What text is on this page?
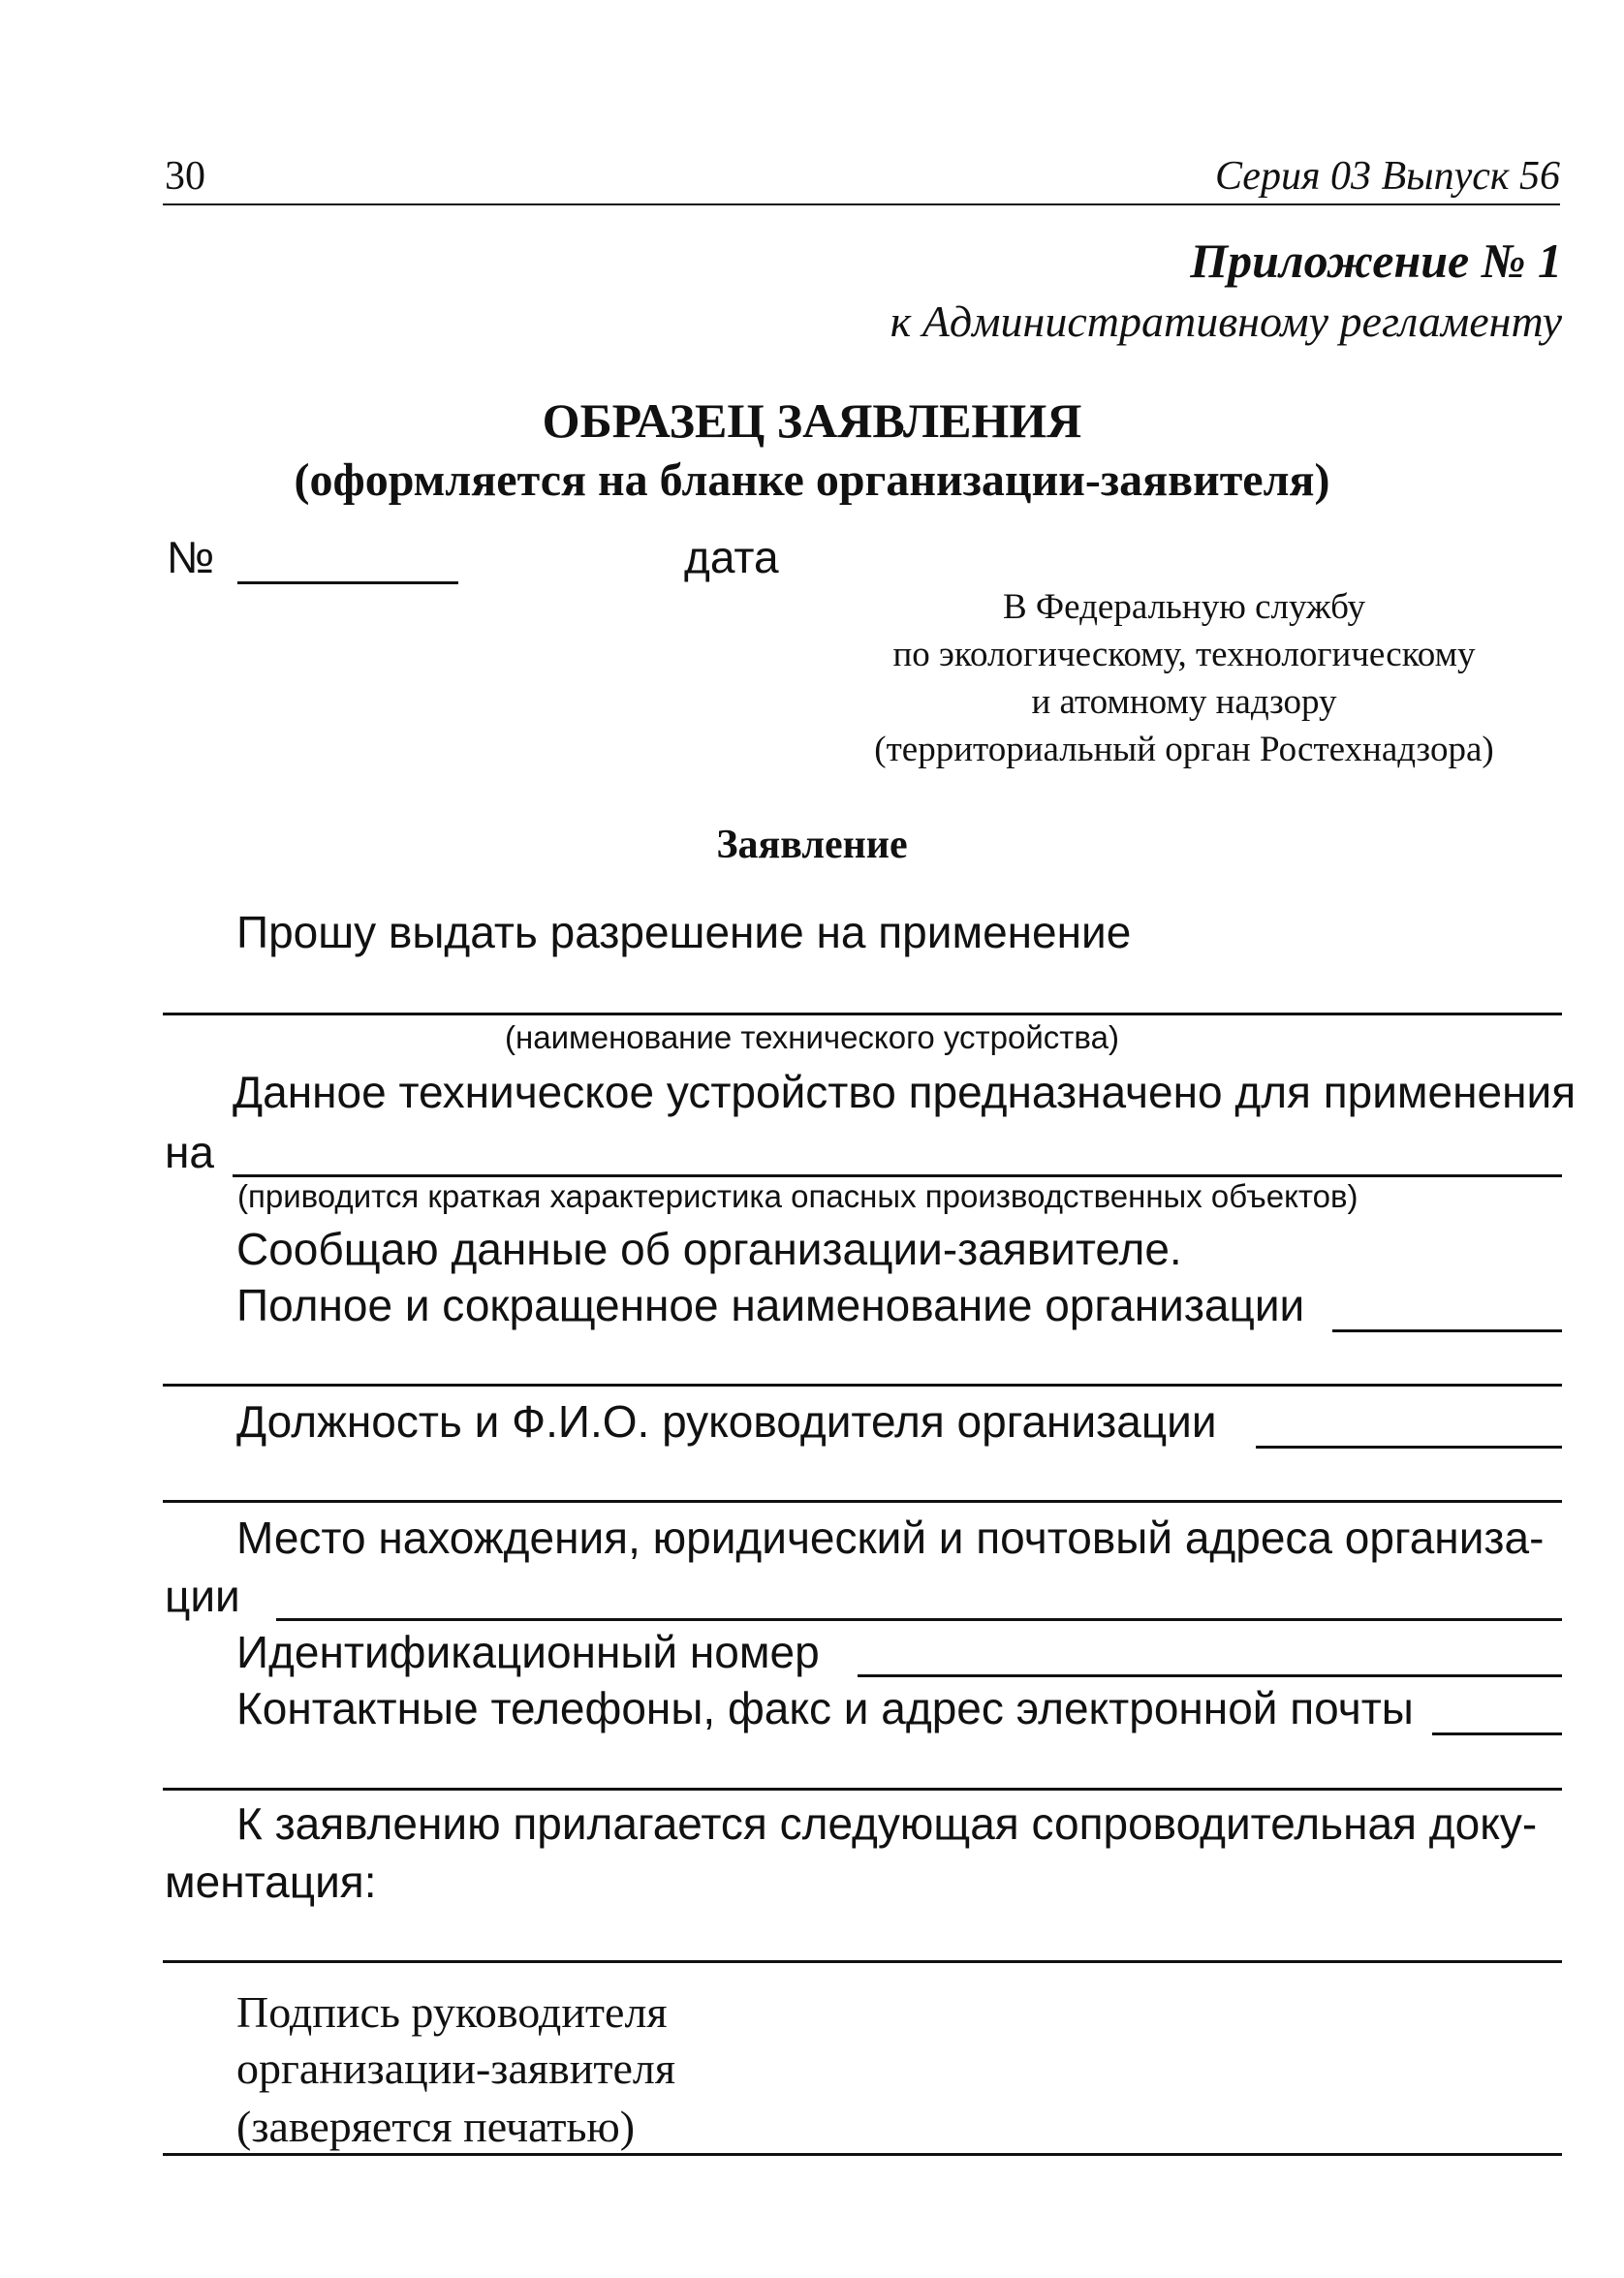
30	Серия 03 Выпуск 56
Приложение № 1
к Административному регламенту
ОБРАЗЕЦ ЗАЯВЛЕНИЯ
(оформляется на бланке организации-заявителя)
№	дата
В Федеральную службу
по экологическому, технологическому
и атомному надзору
(территориальный орган Ростехнадзора)
Заявление
Прошу выдать разрешение на применение
(наименование технического устройства)
Данное техническое устройство предназначено для применения
на
(приводится краткая характеристика опасных производственных объектов)
Сообщаю данные об организации-заявителе.
Полное и сокращенное наименование организации
Должность и Ф.И.О. руководителя организации
Место нахождения, юридический и почтовый адреса организа-
ции
Идентификационный номер
Контактные телефоны, факс и адрес электронной почты
К заявлению прилагается следующая сопроводительная доку-
ментация:
Подпись руководителя
организации-заявителя
(заверяется печатью)
